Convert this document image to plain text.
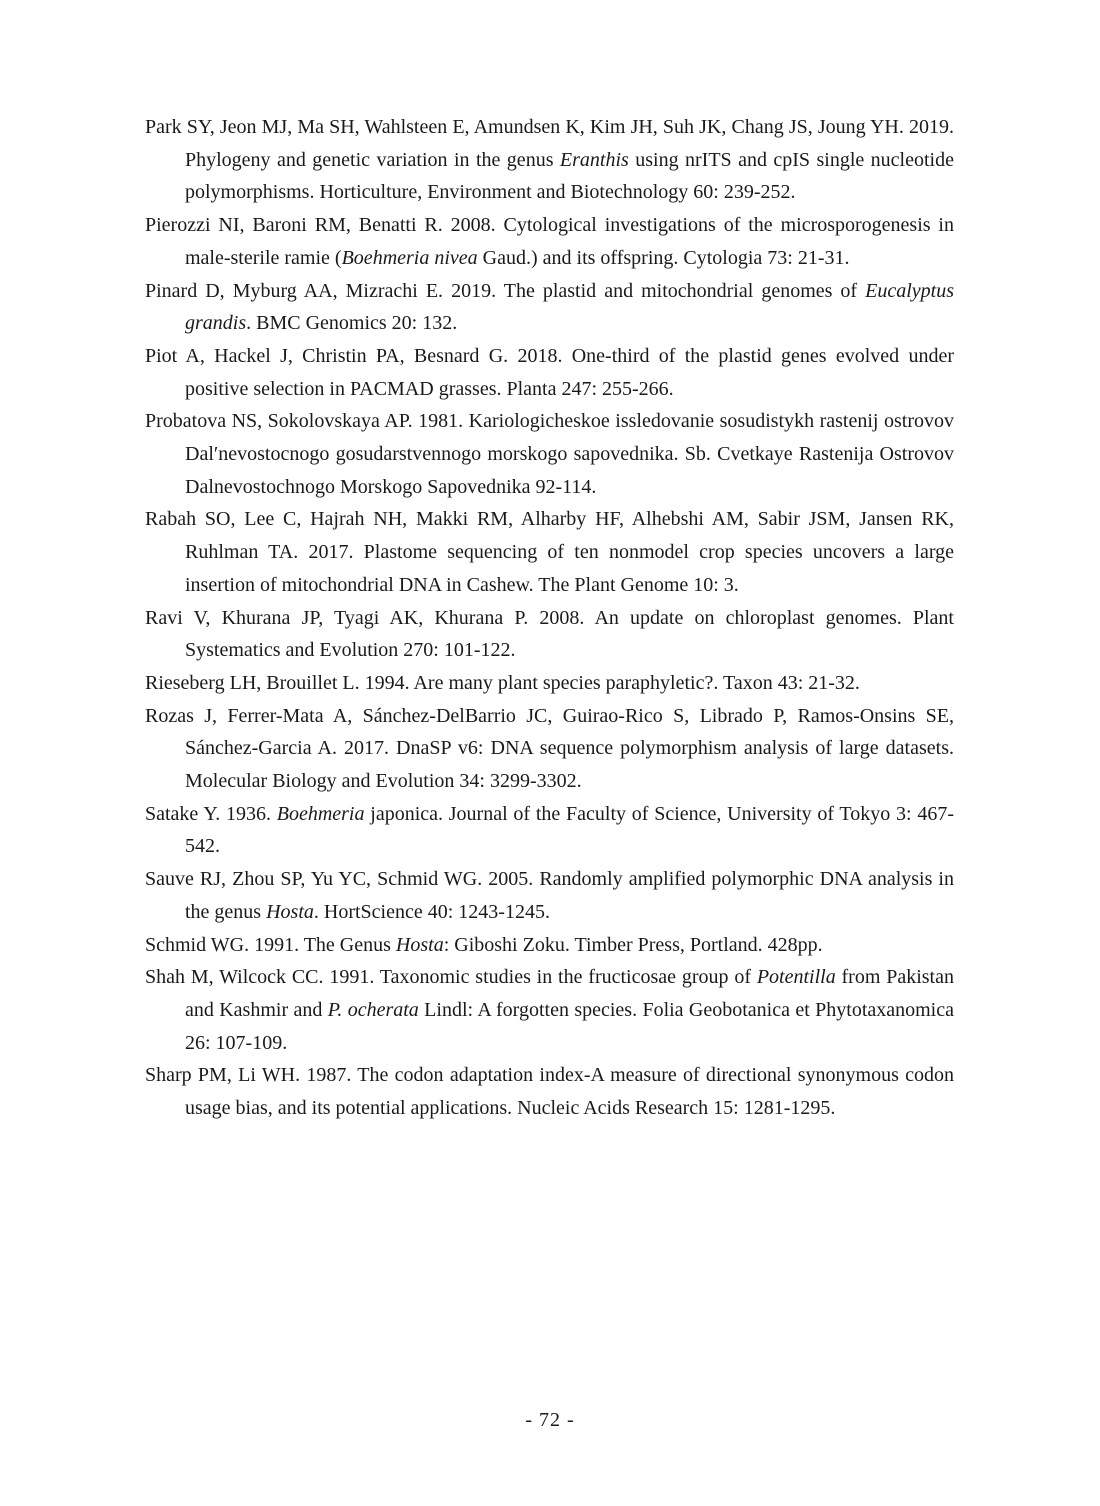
Park SY, Jeon MJ, Ma SH, Wahlsteen E, Amundsen K, Kim JH, Suh JK, Chang JS, Joung YH. 2019. Phylogeny and genetic variation in the genus Eranthis using nrITS and cpIS single nucleotide polymorphisms. Horticulture, Environment and Biotechnology 60: 239-252.
Pierozzi NI, Baroni RM, Benatti R. 2008. Cytological investigations of the microsporogenesis in male-sterile ramie (Boehmeria nivea Gaud.) and its offspring. Cytologia 73: 21-31.
Pinard D, Myburg AA, Mizrachi E. 2019. The plastid and mitochondrial genomes of Eucalyptus grandis. BMC Genomics 20: 132.
Piot A, Hackel J, Christin PA, Besnard G. 2018. One-third of the plastid genes evolved under positive selection in PACMAD grasses. Planta 247: 255-266.
Probatova NS, Sokolovskaya AP. 1981. Kariologicheskoe issledovanie sosudistykh rastenij ostrovov Dal′nevostocnogo gosudarstvennogo morskogo sapovednika. Sb. Cvetkaye Rastenija Ostrovov Dalnevostochnogo Morskogo Sapovednika 92-114.
Rabah SO, Lee C, Hajrah NH, Makki RM, Alharby HF, Alhebshi AM, Sabir JSM, Jansen RK, Ruhlman TA. 2017. Plastome sequencing of ten nonmodel crop species uncovers a large insertion of mitochondrial DNA in Cashew. The Plant Genome 10: 3.
Ravi V, Khurana JP, Tyagi AK, Khurana P. 2008. An update on chloroplast genomes. Plant Systematics and Evolution 270: 101-122.
Rieseberg LH, Brouillet L. 1994. Are many plant species paraphyletic?. Taxon 43: 21-32.
Rozas J, Ferrer-Mata A, Sánchez-DelBarrio JC, Guirao-Rico S, Librado P, Ramos-Onsins SE, Sánchez-Garcia A. 2017. DnaSP v6: DNA sequence polymorphism analysis of large datasets. Molecular Biology and Evolution 34: 3299-3302.
Satake Y. 1936. Boehmeria japonica. Journal of the Faculty of Science, University of Tokyo 3: 467-542.
Sauve RJ, Zhou SP, Yu YC, Schmid WG. 2005. Randomly amplified polymorphic DNA analysis in the genus Hosta. HortScience 40: 1243-1245.
Schmid WG. 1991. The Genus Hosta: Giboshi Zoku. Timber Press, Portland. 428pp.
Shah M, Wilcock CC. 1991. Taxonomic studies in the fructicosae group of Potentilla from Pakistan and Kashmir and P. ocherata Lindl: A forgotten species. Folia Geobotanica et Phytotaxanomica 26: 107-109.
Sharp PM, Li WH. 1987. The codon adaptation index-A measure of directional synonymous codon usage bias, and its potential applications. Nucleic Acids Research 15: 1281-1295.
- 72 -
